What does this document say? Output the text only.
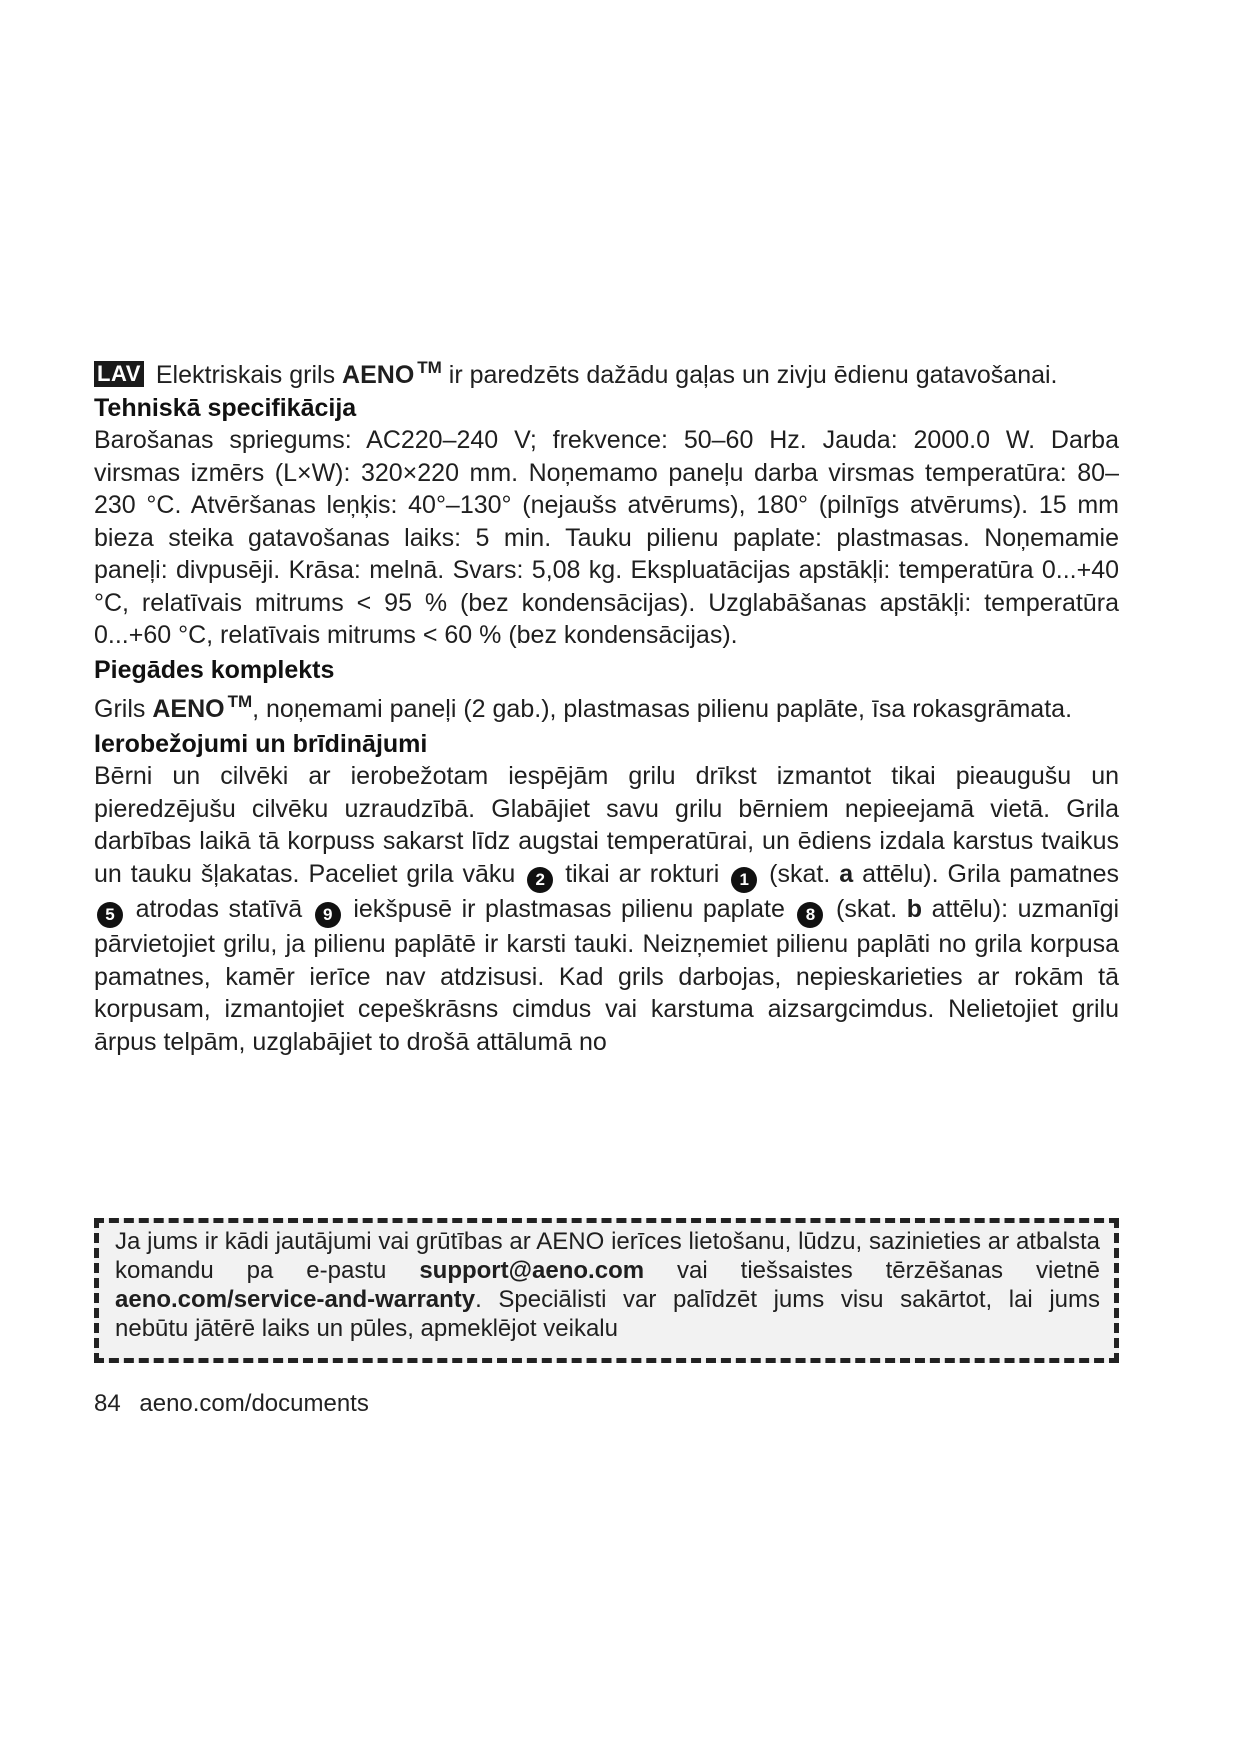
LAV Elektriskais grils AENO ™ ir paredzēts dažādu gaļas un zivju ēdienu gatavošanai.

Tehniskā specifikācija

Barošanas spriegums: AC220–240 V; frekvence: 50–60 Hz. Jauda: 2000.0 W. Darba virsmas izmērs (L×W): 320×220 mm. Noņemamo paneļu darba virsmas temperatūra: 80–230 °C. Atvēršanas leņķis: 40°–130° (nejaušs atvērums), 180° (pilnīgs atvērums). 15 mm bieza steika gatavošanas laiks: 5 min. Tauku pilienu paplate: plastmasas. Noņemamie paneļi: divpusēji. Krāsa: melnā. Svars: 5,08 kg. Ekspluatācijas apstākļi: temperatūra 0...+40 °C, relatīvais mitrums < 95 % (bez kondensācijas). Uzglabāšanas apstākļi: temperatūra 0...+60 °C, relatīvais mitrums < 60 % (bez kondensācijas).

Piegādes komplekts

Grils AENO ™, noņemami paneļi (2 gab.), plastmasas pilienu paplāte, īsa rokasgrāmata.

Ierobežojumi un brīdinājumi

Bērni un cilvēki ar ierobežotam iespējām grilu drīkst izmantot tikai pieaugušu un pieredzējušu cilvēku uzraudzībā. Glabājiet savu grilu bērniem nepieejamā vietā. Grila darbības laikā tā korpuss sakarst līdz augstai temperatūrai, un ēdiens izdala karstus tvaikus un tauku šļakatas. Paceliet grila vāku 2 tikai ar rokturi 1 (skat. a attēlu). Grila pamatnes 5 atrodas statīvā 9 iekšpusē ir plastmasas pilienu paplate 8 (skat. b attēlu): uzmanīgi pārvietojiet grilu, ja pilienu paplātē ir karsti tauki. Neizņemiet pilienu paplāti no grila korpusa pamatnes, kamēr ierīce nav atdzisusi. Kad grils darbojas, nepieskarieties ar rokām tā korpusam, izmantojiet cepeškrāsns cimdus vai karstuma aizsargcimdus. Nelietojiet grilu ārpus telpām, uzglabājiet to drošā attālumā no

Ja jums ir kādi jautājumi vai grūtības ar AENO ierīces lietošanu, lūdzu, sazinieties ar atbalsta komandu pa e-pastu support@aeno.com vai tiešsaistes tērzēšanas vietnē aeno.com/service-and-warranty. Speciālisti var palīdzēt jums visu sakārtot, lai jums nebūtu jātērē laiks un pūles, apmeklējot veikalu

84 aeno.com/documents
